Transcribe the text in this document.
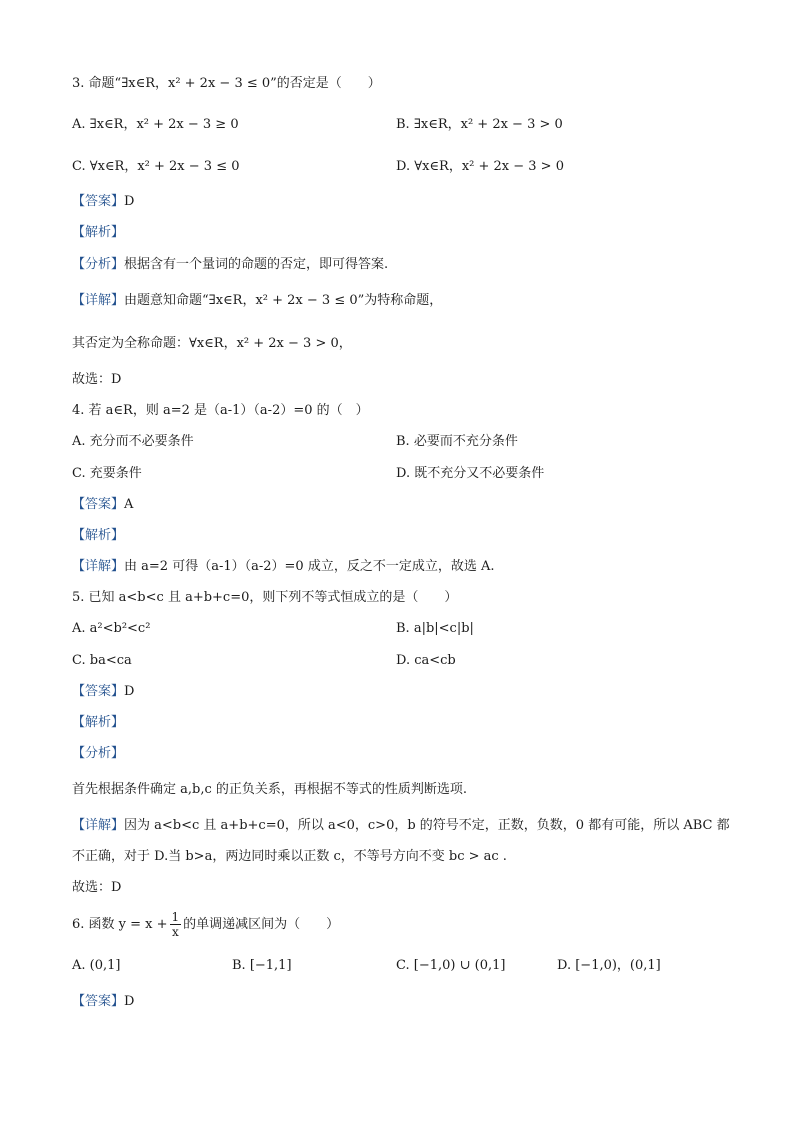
3. 命题“∃x∈R，x² + 2x − 3 ≤ 0”的否定是（　　）
A. ∃x∈R，x² + 2x − 3 ≥ 0	B. ∃x∈R，x² + 2x − 3 > 0
C. ∀x∈R，x² + 2x − 3 ≤ 0	D. ∀x∈R，x² + 2x − 3 > 0
【答案】D
【解析】
【分析】根据含有一个量词的命题的否定，即可得答案.
【详解】由题意知命题“∃x∈R，x² + 2x − 3 ≤ 0”为特称命题，
其否定为全称命题：∀x∈R，x² + 2x − 3 > 0，
故选：D
4. 若 a∈R，则 a=2 是（a-1）（a-2）=0 的（　）
A. 充分而不必要条件	B. 必要而不充分条件
C. 充要条件	D. 既不充分又不必要条件
【答案】A
【解析】
【详解】由 a=2 可得（a-1）（a-2）=0 成立，反之不一定成立，故选 A.
5. 已知 a<b<c 且 a+b+c=0，则下列不等式恒成立的是（　　）
A. a²<b²<c²	B. a|b|<c|b|
C. ba<ca	D. ca<cb
【答案】D
【解析】
【分析】
首先根据条件确定 a,b,c 的正负关系，再根据不等式的性质判断选项.
【详解】因为 a<b<c 且 a+b+c=0，所以 a<0，c>0，b 的符号不定，正数，负数，0 都有可能，所以 ABC 都
不正确，对于 D.当 b>a，两边同时乘以正数 c，不等号方向不变 bc > ac .
故选：D
6. 函数 $y = x + \frac{1}{x}$ 的单调递减区间为（　　）
A. (0,1]	B. [−1,1]	C. [−1,0) ∪ (0,1]	D. [−1,0)，(0,1]
【答案】D
